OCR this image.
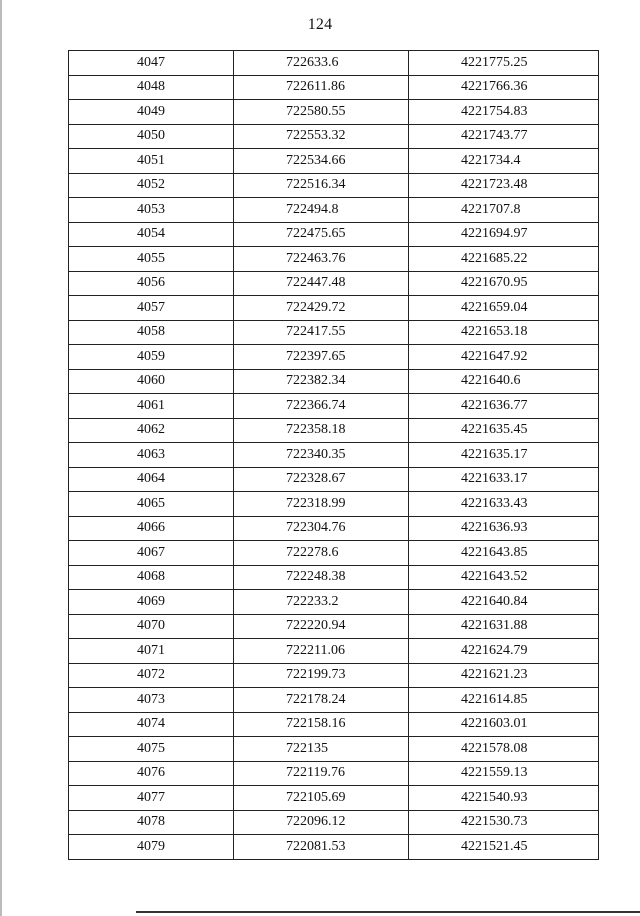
124
4047	722633.6	4221775.25
4048	722611.86	4221766.36
4049	722580.55	4221754.83
4050	722553.32	4221743.77
4051	722534.66	4221734.4
4052	722516.34	4221723.48
4053	722494.8	4221707.8
4054	722475.65	4221694.97
4055	722463.76	4221685.22
4056	722447.48	4221670.95
4057	722429.72	4221659.04
4058	722417.55	4221653.18
4059	722397.65	4221647.92
4060	722382.34	4221640.6
4061	722366.74	4221636.77
4062	722358.18	4221635.45
4063	722340.35	4221635.17
4064	722328.67	4221633.17
4065	722318.99	4221633.43
4066	722304.76	4221636.93
4067	722278.6	4221643.85
4068	722248.38	4221643.52
4069	722233.2	4221640.84
4070	722220.94	4221631.88
4071	722211.06	4221624.79
4072	722199.73	4221621.23
4073	722178.24	4221614.85
4074	722158.16	4221603.01
4075	722135	4221578.08
4076	722119.76	4221559.13
4077	722105.69	4221540.93
4078	722096.12	4221530.73
4079	722081.53	4221521.45
